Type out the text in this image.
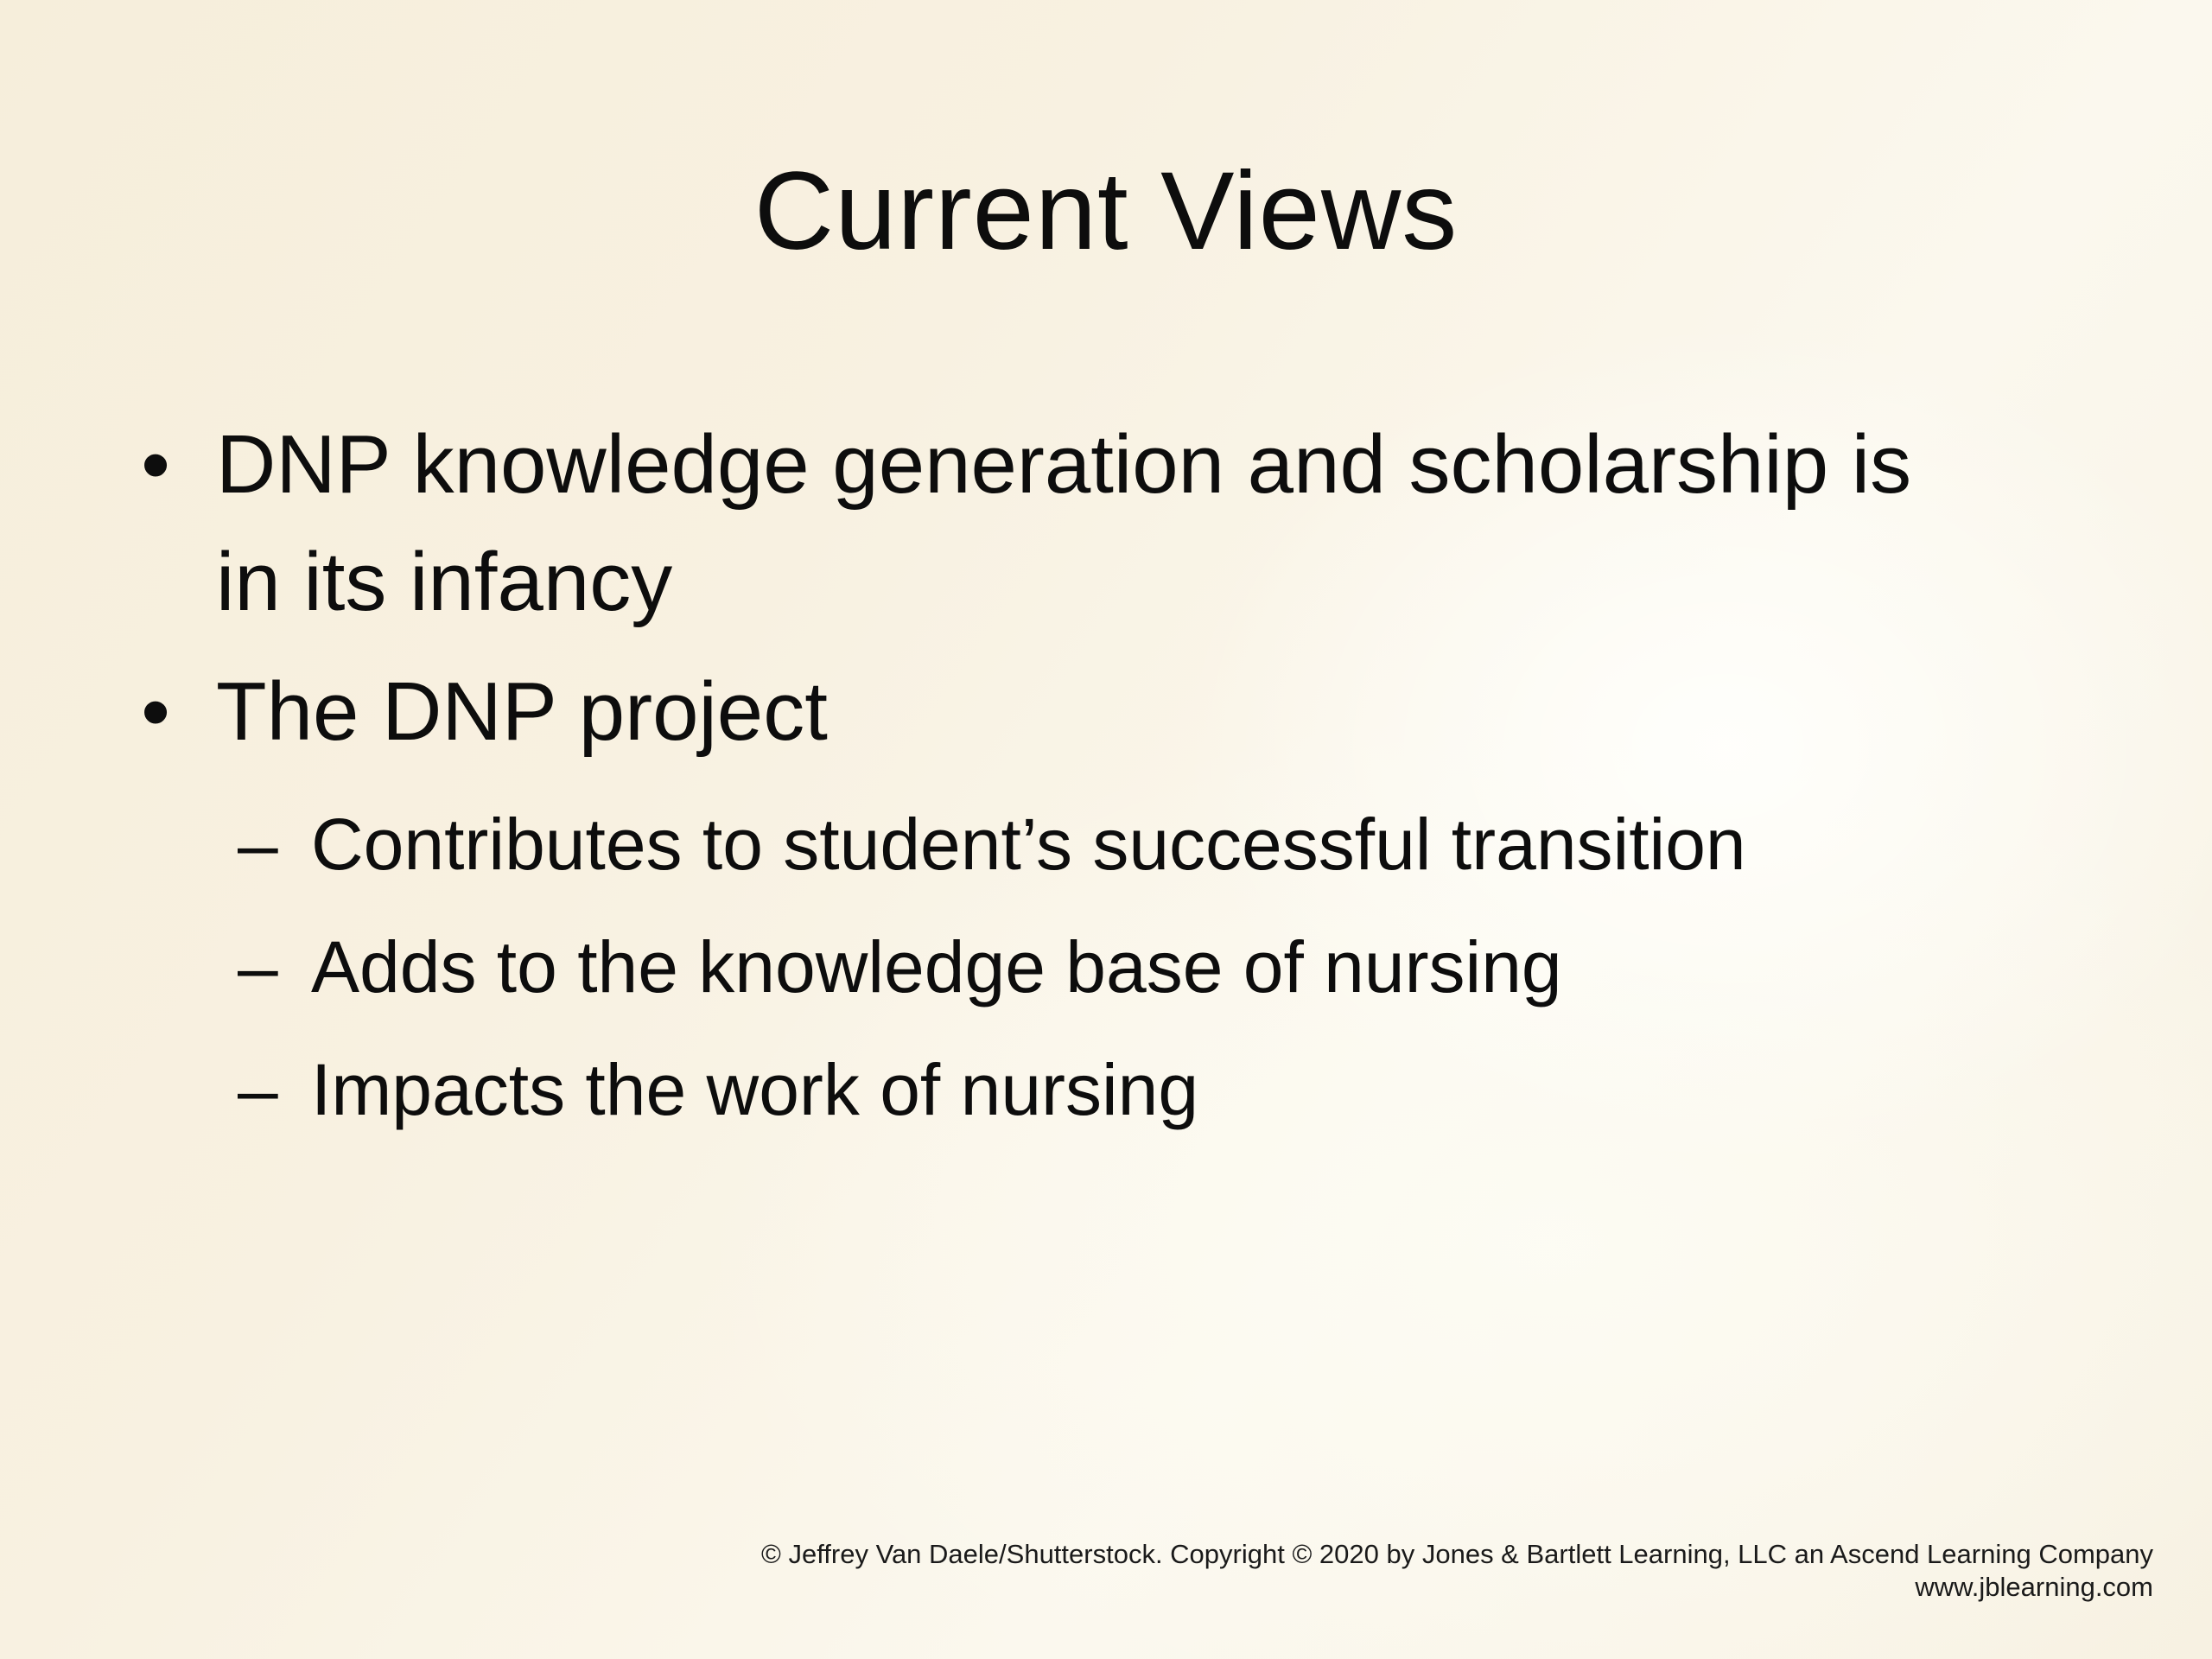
Current Views
• DNP knowledge generation and scholarship is
in its infancy
• The DNP project
– Contributes to student’s successful transition
– Adds to the knowledge base of nursing
– Impacts the work of nursing
© Jeffrey Van Daele/Shutterstock. Copyright © 2020 by Jones & Bartlett Learning, LLC an Ascend Learning Company
www.jblearning.com
